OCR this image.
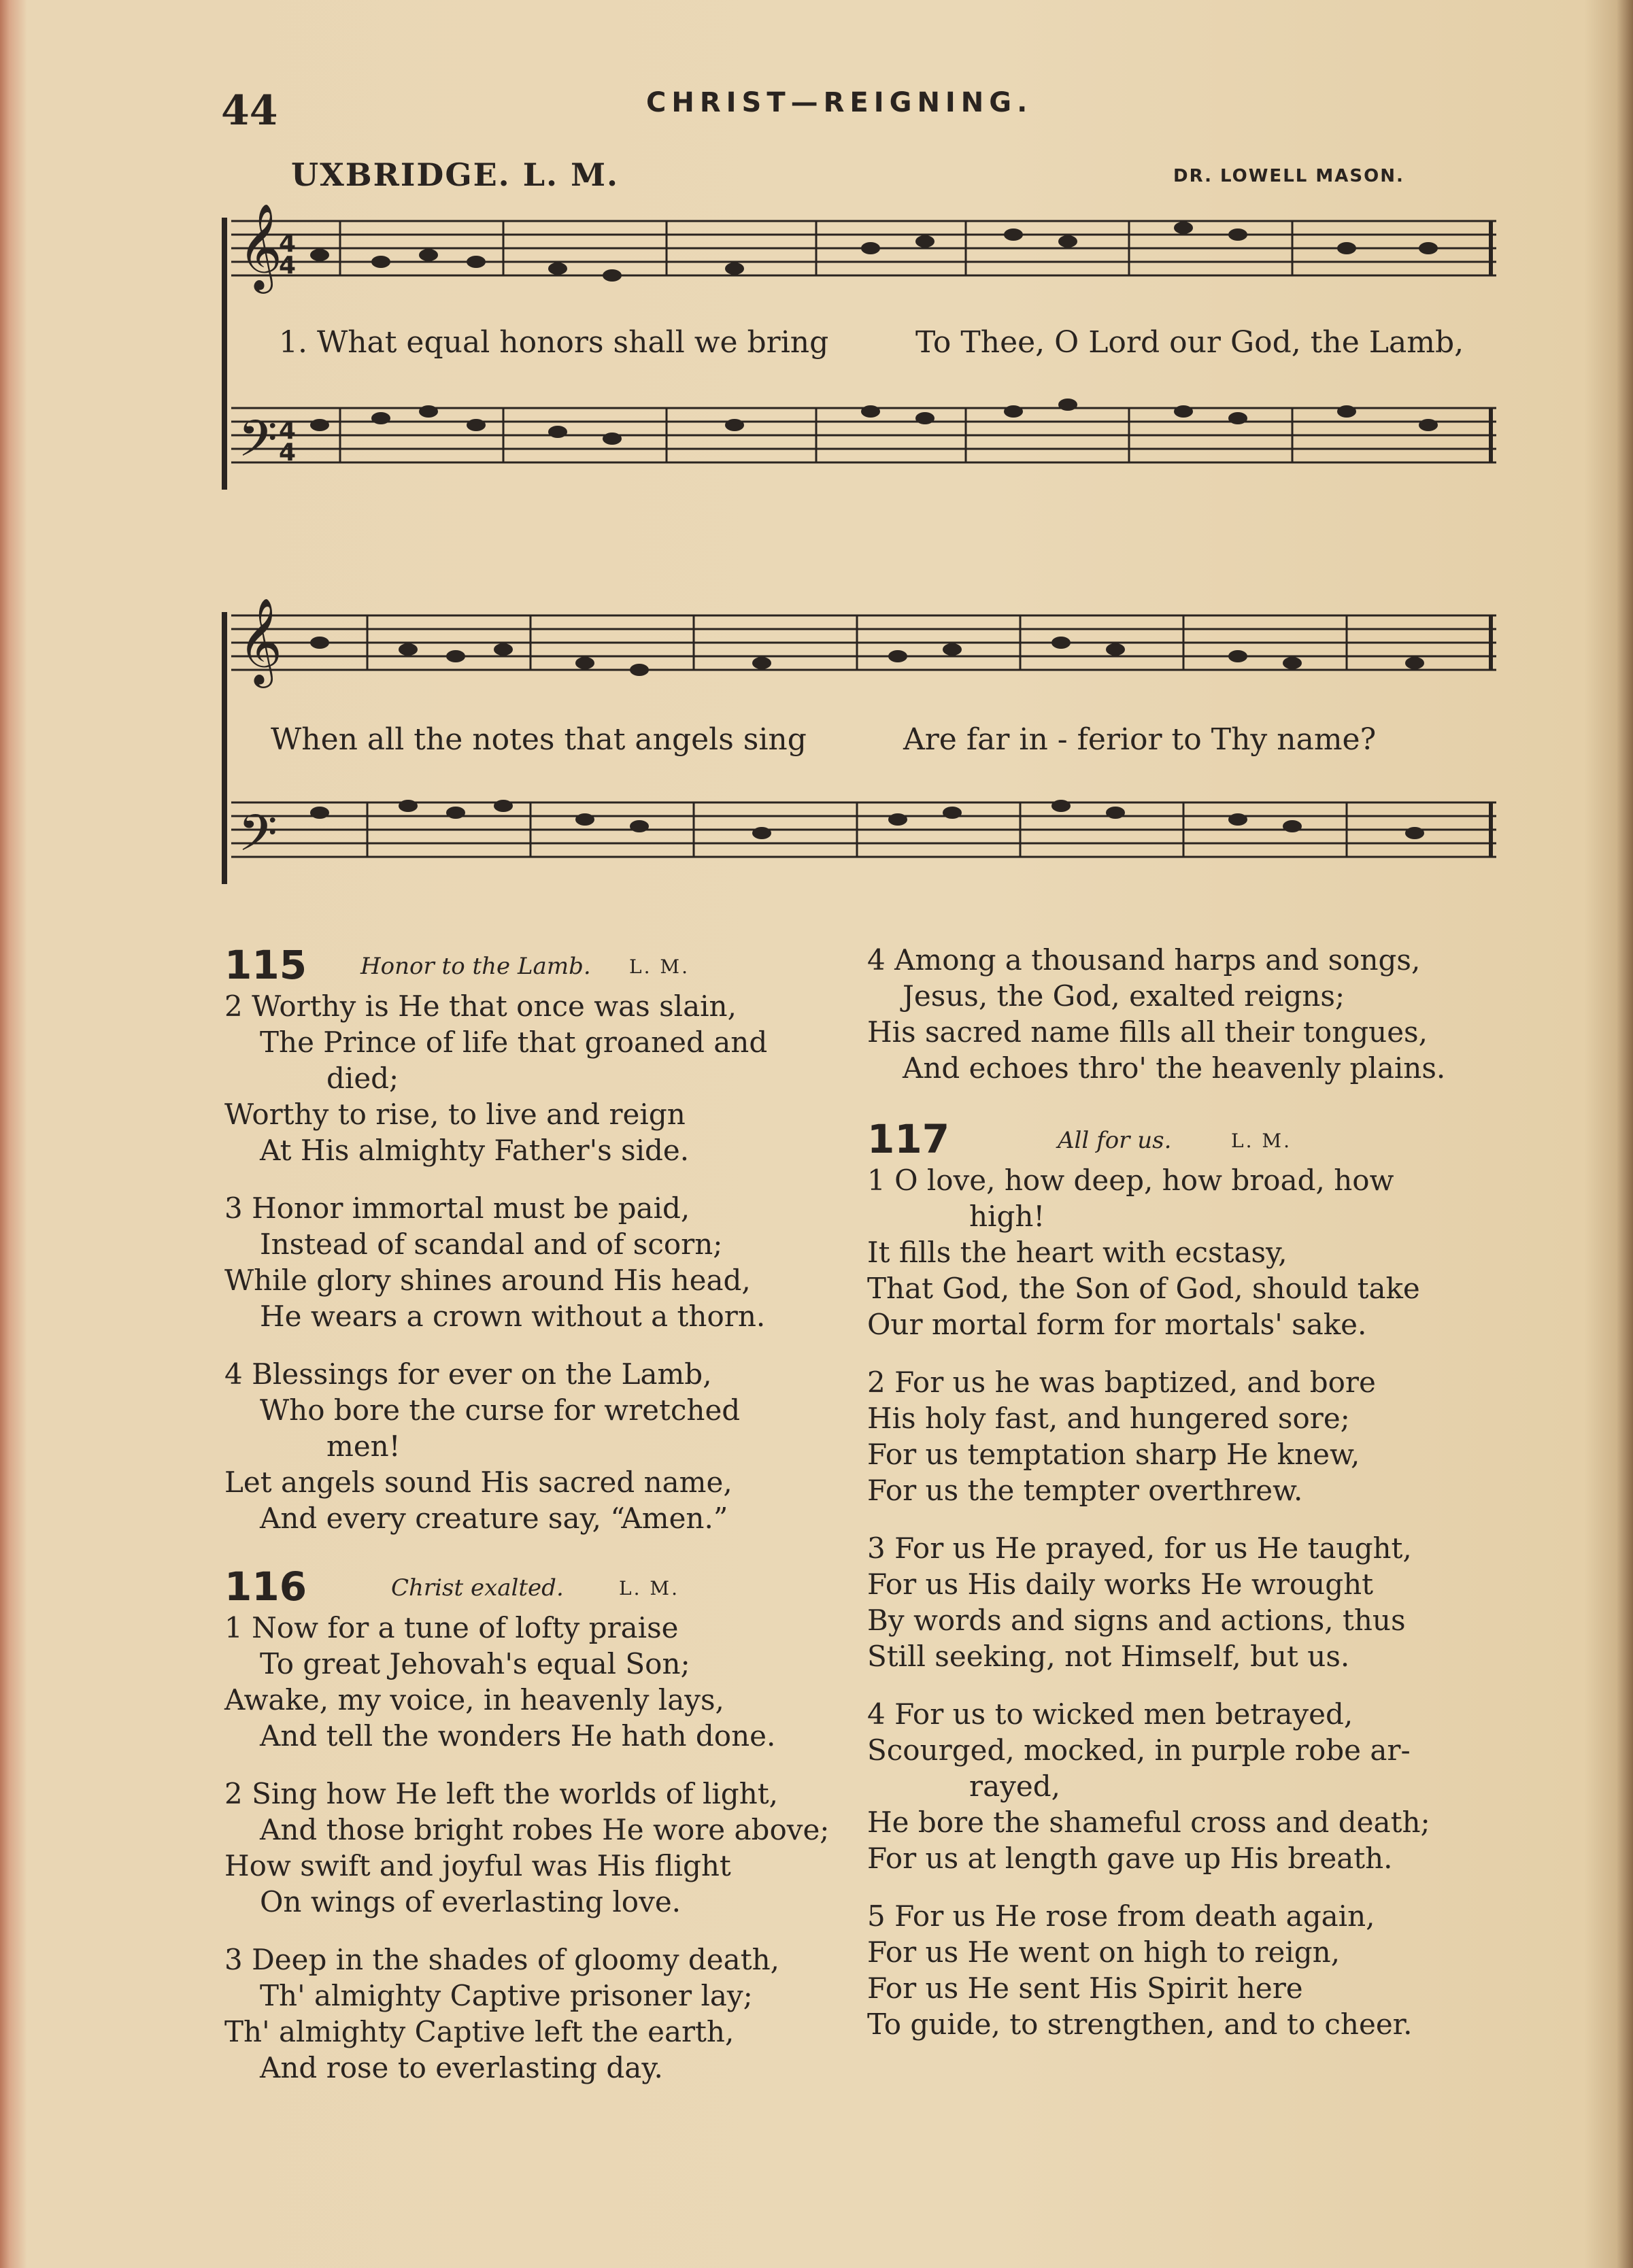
44	CHRIST—REIGNING.
UXBRIDGE. L. M.	DR. LOWELL MASON.
𝄞
4
4
𝄢 4
4
1. What equal honors shall we bring	To Thee, O Lord our God, the Lamb,
𝄞
𝄢
When all the notes that angels sing	Are far in - ferior to Thy name?
115 Honor to the Lamb. L. M.
2 Worthy is He that once was slain,
The Prince of life that groaned and
died;
Worthy to rise, to live and reign
At His almighty Father's side.
3 Honor immortal must be paid,
Instead of scandal and of scorn;
While glory shines around His head,
He wears a crown without a thorn.
4 Blessings for ever on the Lamb,
Who bore the curse for wretched
men!
Let angels sound His sacred name,
And every creature say, “Amen.”
116	Christ exalted.	L. M.
1 Now for a tune of lofty praise
To great Jehovah's equal Son;
Awake, my voice, in heavenly lays,
And tell the wonders He hath done.
2 Sing how He left the worlds of light,
And those bright robes He wore above;
How swift and joyful was His flight
On wings of everlasting love.
3 Deep in the shades of gloomy death,
Th' almighty Captive prisoner lay;
Th' almighty Captive left the earth,
And rose to everlasting day.
4 Among a thousand harps and songs,
Jesus, the God, exalted reigns;
His sacred name fills all their tongues,
And echoes thro' the heavenly plains.
117	All for us.	L. M.
1 O love, how deep, how broad, how
high!
It fills the heart with ecstasy,
That God, the Son of God, should take
Our mortal form for mortals' sake.
2 For us he was baptized, and bore
His holy fast, and hungered sore;
For us temptation sharp He knew,
For us the tempter overthrew.
3 For us He prayed, for us He taught,
For us His daily works He wrought
By words and signs and actions, thus
Still seeking, not Himself, but us.
4 For us to wicked men betrayed,
Scourged, mocked, in purple robe ar-
rayed,
He bore the shameful cross and death;
For us at length gave up His breath.
5 For us He rose from death again,
For us He went on high to reign,
For us He sent His Spirit here
To guide, to strengthen, and to cheer.
